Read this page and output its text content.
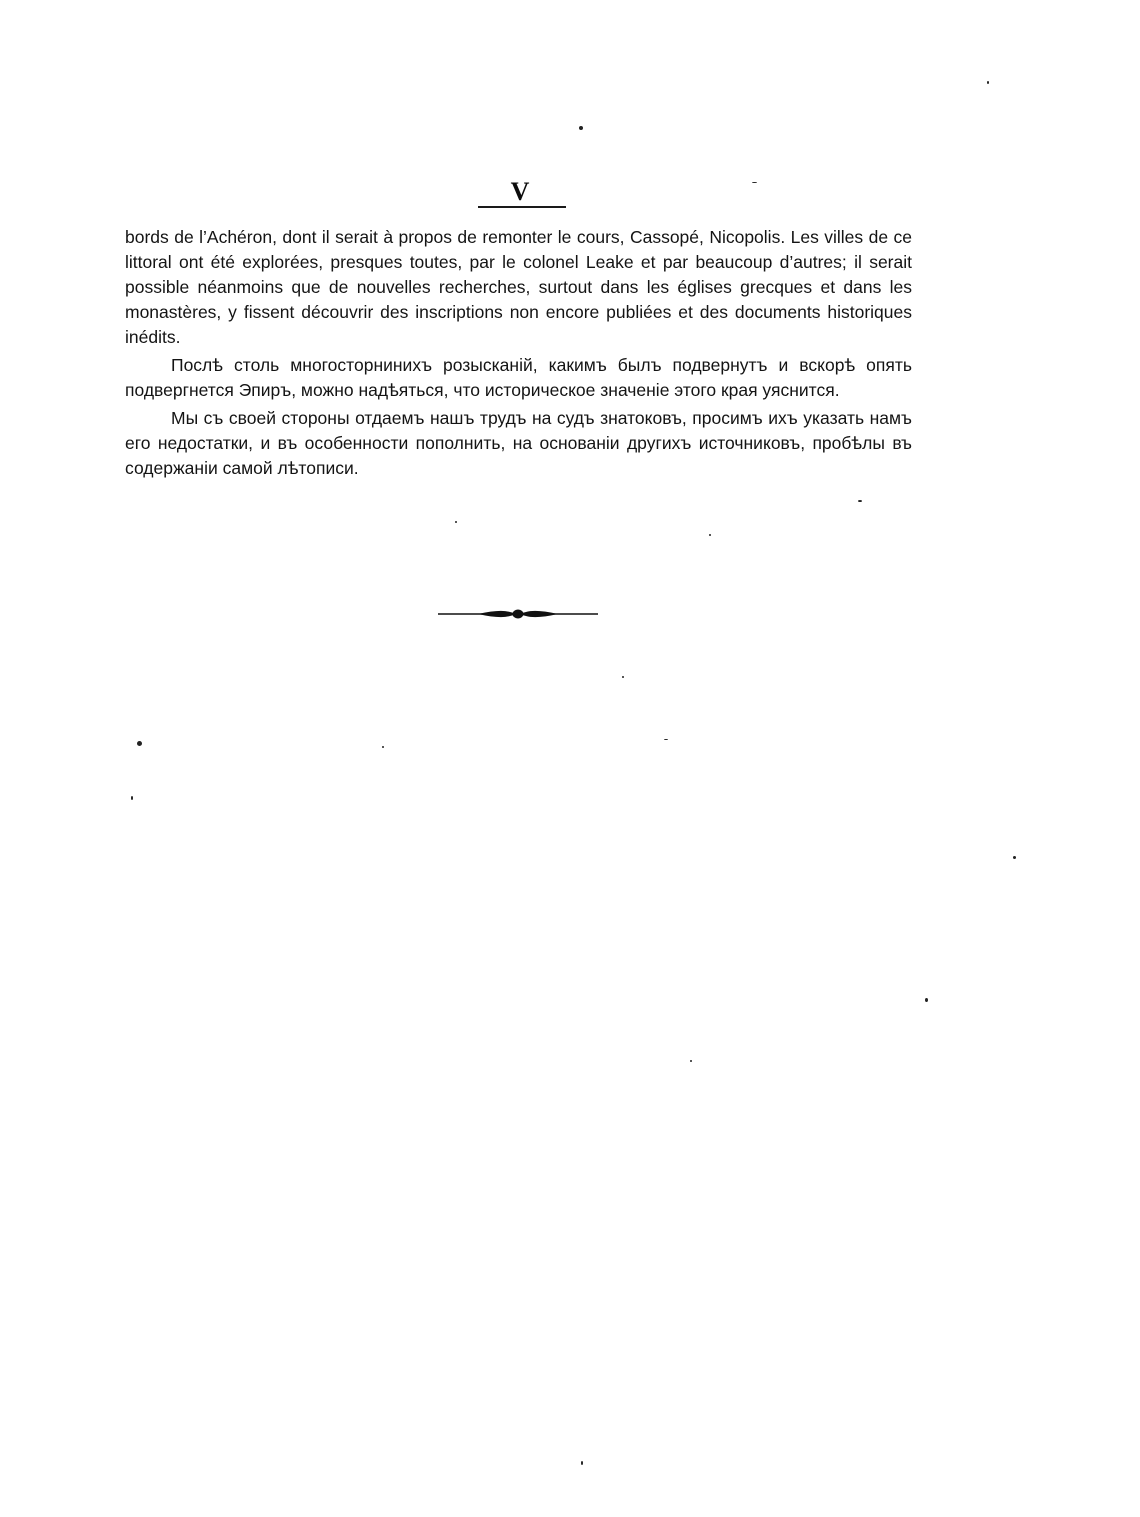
V

bords de l’Achéron, dont il serait à propos de remonter le cours, Cassopé, Nicopolis. Les villes de ce littoral ont été explorées, presques toutes, par le colonel Leake et par beaucoup d’autres; il serait possible néanmoins que de nouvelles recherches, surtout dans les églises grecques et dans les monastères, y fissent découvrir des inscriptions non encore publiées et des documents historiques inédits.

Послѣ столь многосторнинихъ розысканій, какимъ былъ подвернутъ и вскорѣ опять подвергнется Эпиръ, можно надѣяться, что историческое значеніе этого края уяснится.

Мы съ своей стороны отдаемъ нашъ трудъ на судъ знатоковъ, просимъ ихъ указать намъ его недостатки, и въ особенности пополнить, на основаніи другихъ источниковъ, пробѣлы въ содержаніи самой лѣтописи.
